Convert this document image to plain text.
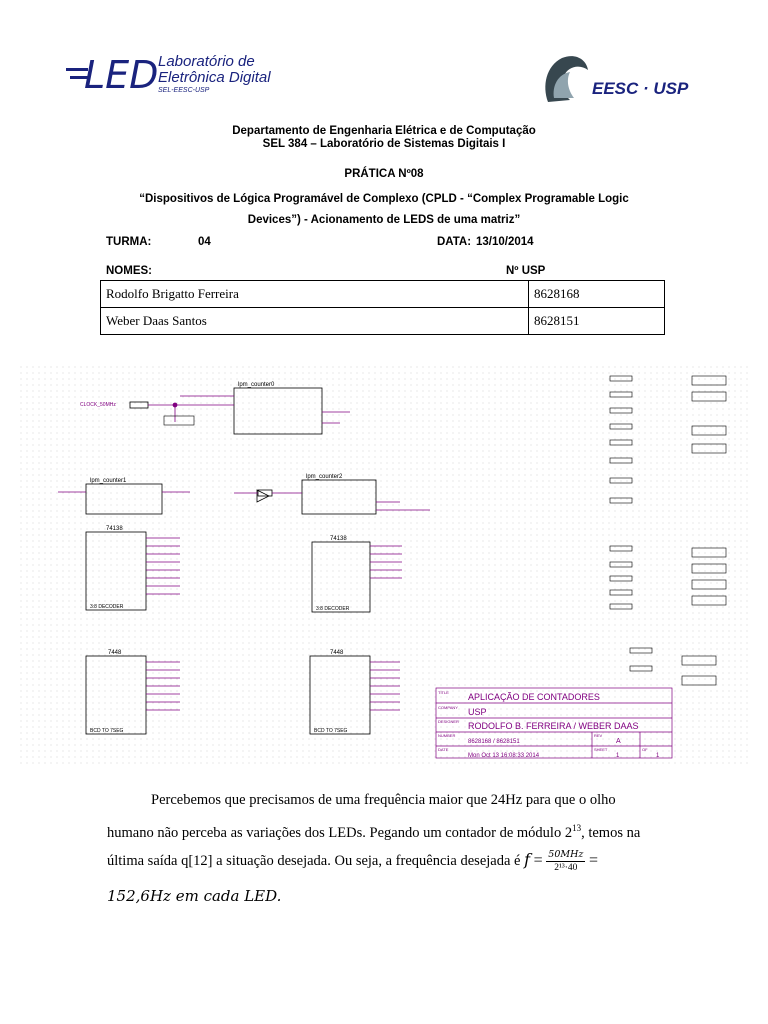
LED Laboratório de
Eletrônica Digital
SEL-EESC-USP	EESC · USP
Departamento de Engenharia Elétrica e de Computação
SEL 384 – Laboratório de Sistemas Digitais I
PRÁTICA Nº08
“Dispositivos de Lógica Programável de Complexo (CPLD - “Complex Programable Logic
Devices”) - Acionamento de LEDS de uma matriz”
TURMA:	04	DATA: 13/10/2014
NOMES:	Nº USP
Rodolfo Brigatto Ferreira	8628168
Weber Daas Santos	8628151
CLOCK_50MHz
lpm_counter0
lpm_counter1
lpm_counter2
74138
74138
7448	7448
3:8 DECODER	3:8 DECODER
BCD TO 7SEG	BCD TO 7SEG
TITLE APLICAÇÃO DE CONTADORES
COMPANY USP
DESIGNER RODOLFO B. FERREIRA / WEBER DAAS
NUMBER
8628168 / 8628151
REV
A
DATE
Mon Oct 13 16:08:33 2014
SHEET
1
OF
1
Percebemos que precisamos de uma frequência maior que 24Hz para que o olho
humano não perceba as variações dos LEDs. Pegando um contador de módulo $2^{13}$, temos na
última saída q[12] a situação desejada. Ou seja, a frequência desejada é f = 50MHz
2¹³·40 =
152,6Hz em cada LED.
